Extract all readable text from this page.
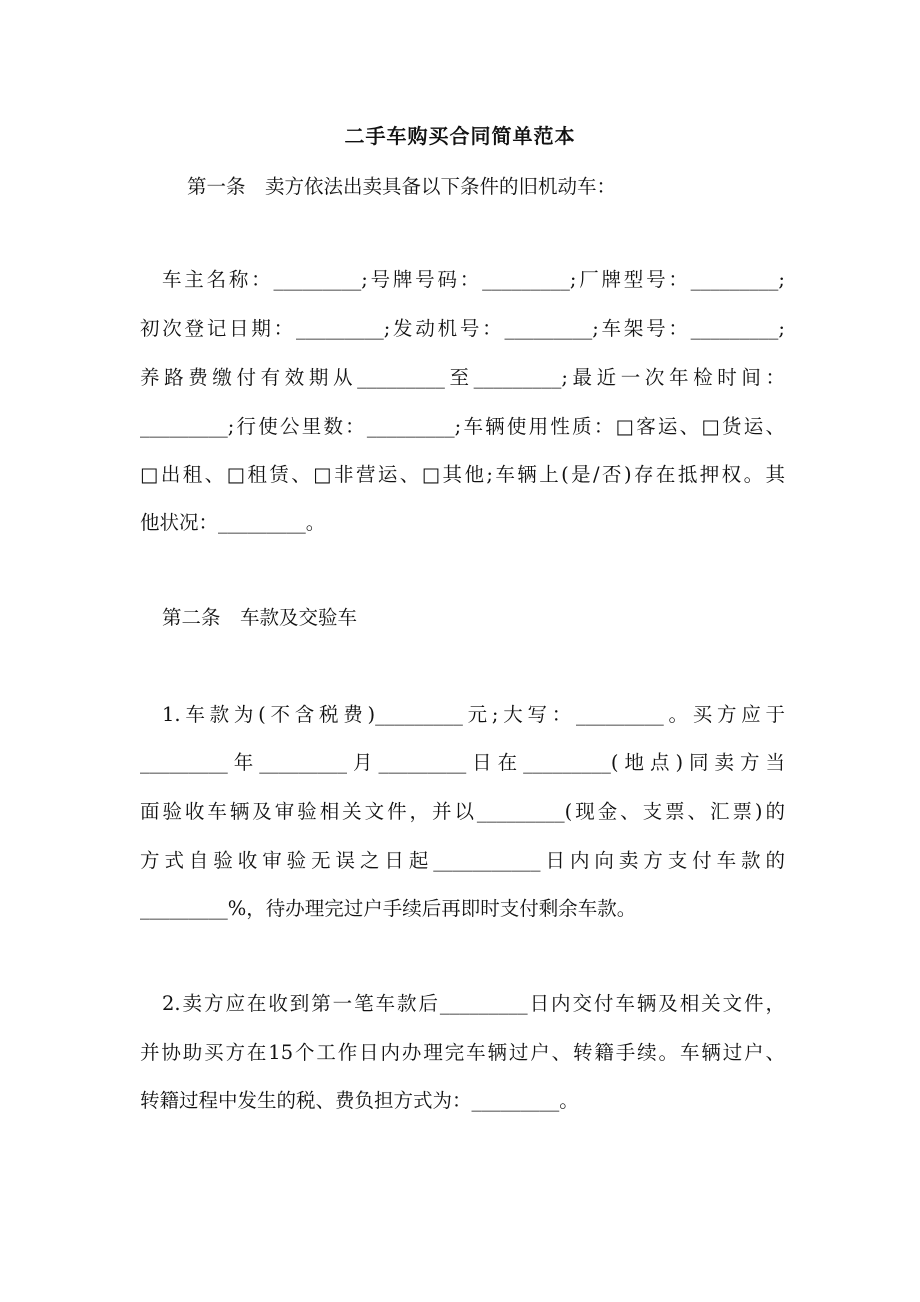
二手车购买合同简单范本
第一条　卖方依法出卖具备以下条件的旧机动车：
车主名称：_________;号牌号码：_________;厂牌型号：_________;
初次登记日期：_________;发动机号：_________;车架号：_________;
养路费缴付有效期从_________至_________;最近一次年检时间：
_________;行使公里数：_________;车辆使用性质：□客运、□货运、
□出租、□租赁、□非营运、□其他;车辆上(是/否)存在抵押权。其
他状况：_________。
第二条　车款及交验车
1.车款为(不含税费)_________元;大写：_________。买方应于
_________年_________月_________日在_________(地点)同卖方当
面验收车辆及审验相关文件，并以_________(现金、支票、汇票)的
方式自验收审验无误之日起___________日内向卖方支付车款的
_________%，待办理完过户手续后再即时支付剩余车款。
2.卖方应在收到第一笔车款后_________日内交付车辆及相关文件，
并协助买方在15个工作日内办理完车辆过户、转籍手续。车辆过户、
转籍过程中发生的税、费负担方式为：_________。
